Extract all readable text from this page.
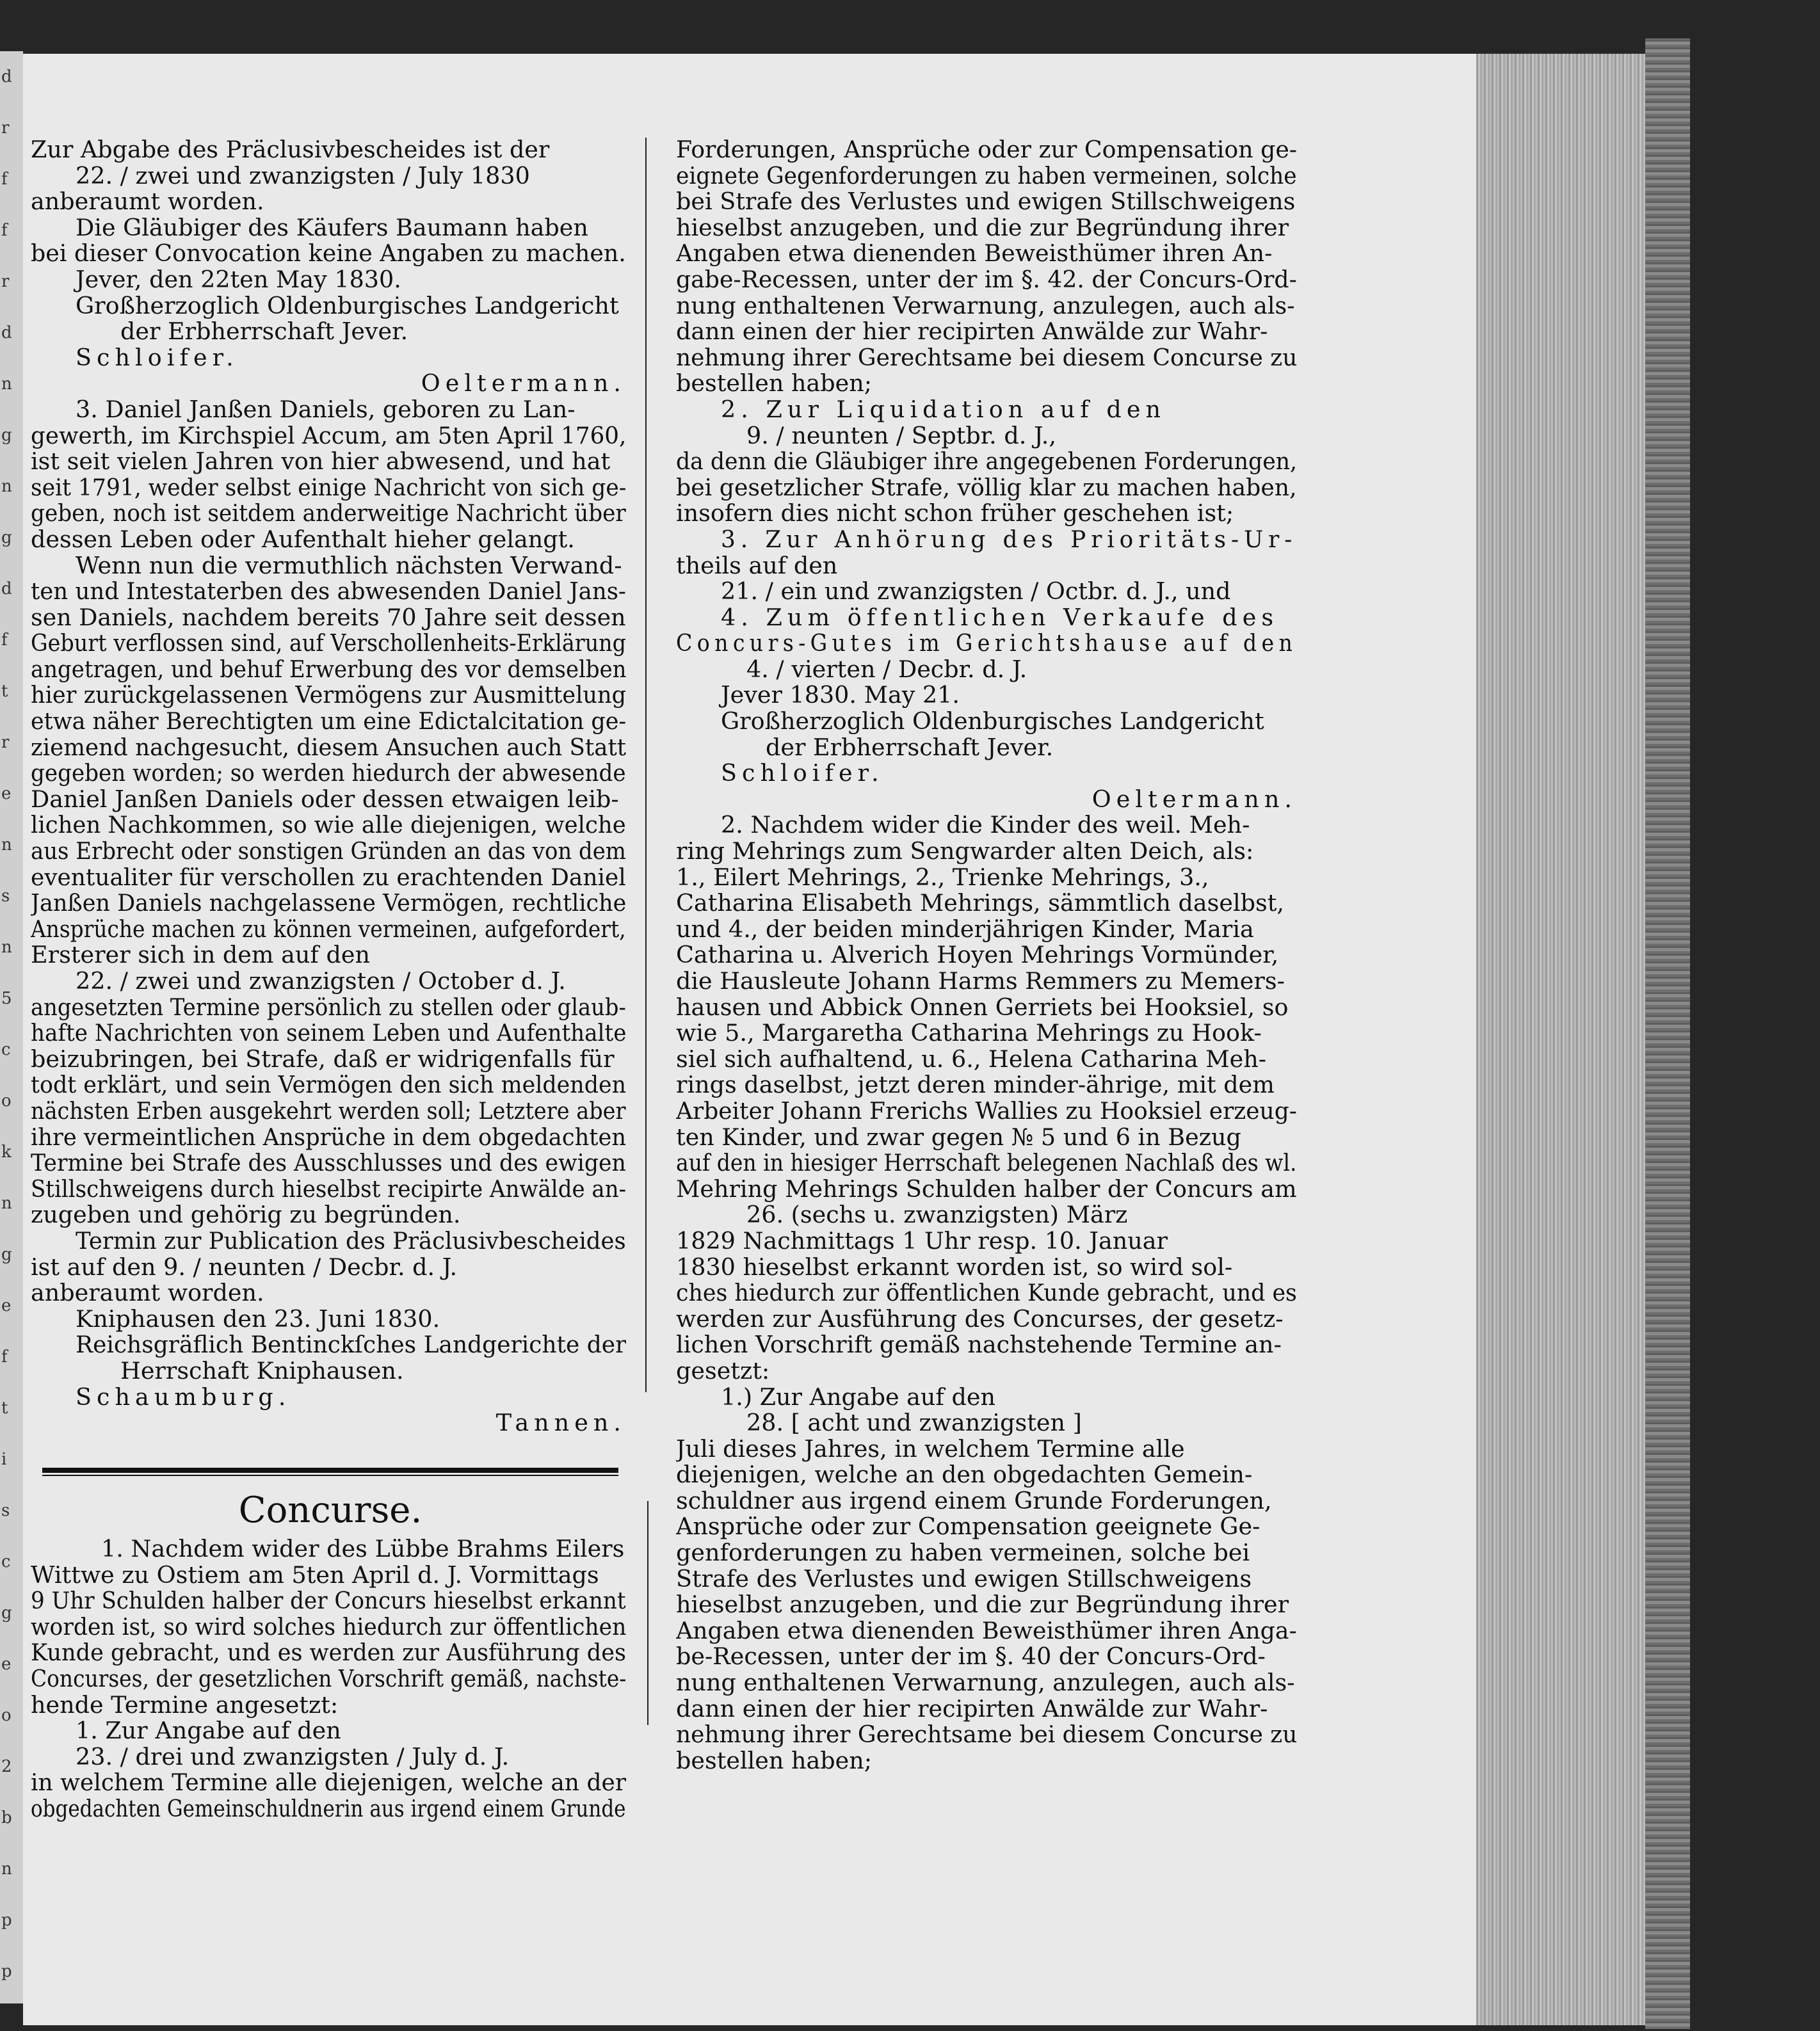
d
r
f
f
r
d
n
g
n
g
d
f
t
r
e
n
s
n
5
c
o
k
n
g
e
f
t
i
s
c
g
e
o
2
b
n
p
p

Zur Abgabe des Präclusivbescheides ist der

22. / zwei und zwanzigsten / July 1830

anberaumt worden.

Die Gläubiger des Käufers Baumann haben

bei dieser Convocation keine Angaben zu machen.

Jever, den 22ten May 1830.

Großherzoglich Oldenburgisches Landgericht

der Erbherrschaft Jever.

Schloifer.

Oeltermann.

3. Daniel Janßen Daniels, geboren zu Lan-

gewerth, im Kirchspiel Accum, am 5ten April 1760,

ist seit vielen Jahren von hier abwesend, und hat

seit 1791, weder selbst einige Nachricht von sich ge-

geben, noch ist seitdem anderweitige Nachricht über

dessen Leben oder Aufenthalt hieher gelangt.

Wenn nun die vermuthlich nächsten Verwand-

ten und Intestaterben des abwesenden Daniel Jans-

sen Daniels, nachdem bereits 70 Jahre seit dessen

Geburt verflossen sind, auf Verschollenheits-Erklärung

angetragen, und behuf Erwerbung des vor demselben

hier zurückgelassenen Vermögens zur Ausmittelung

etwa näher Berechtigten um eine Edictalcitation ge-

ziemend nachgesucht, diesem Ansuchen auch Statt

gegeben worden; so werden hiedurch der abwesende

Daniel Janßen Daniels oder dessen etwaigen leib-

lichen Nachkommen, so wie alle diejenigen, welche

aus Erbrecht oder sonstigen Gründen an das von dem

eventualiter für verschollen zu erachtenden Daniel

Janßen Daniels nachgelassene Vermögen, rechtliche

Ansprüche machen zu können vermeinen, aufgefordert,

Ersterer sich in dem auf den

22. / zwei und zwanzigsten / October d. J.

angesetzten Termine persönlich zu stellen oder glaub-

hafte Nachrichten von seinem Leben und Aufenthalte

beizubringen, bei Strafe, daß er widrigenfalls für

todt erklärt, und sein Vermögen den sich meldenden

nächsten Erben ausgekehrt werden soll; Letztere aber

ihre vermeintlichen Ansprüche in dem obgedachten

Termine bei Strafe des Ausschlusses und des ewigen

Stillschweigens durch hieselbst recipirte Anwälde an-

zugeben und gehörig zu begründen.

Termin zur Publication des Präclusivbescheides

ist auf den 9. / neunten / Decbr. d. J.

anberaumt worden.

Kniphausen den 23. Juni 1830.

Reichsgräflich Bentinckſches Landgerichte der

Herrschaft Kniphausen.

Schaumburg.

Tannen.

Concurse.

1. Nachdem wider des Lübbe Brahms Eilers

Wittwe zu Ostiem am 5ten April d. J. Vormittags

9 Uhr Schulden halber der Concurs hieselbst erkannt

worden ist, so wird solches hiedurch zur öffentlichen

Kunde gebracht, und es werden zur Ausführung des

Concurses, der gesetzlichen Vorschrift gemäß, nachste-

hende Termine angesetzt:

1. Zur Angabe auf den

23. / drei und zwanzigsten / July d. J.

in welchem Termine alle diejenigen, welche an der

obgedachten Gemeinschuldnerin aus irgend einem Grunde

Forderungen, Ansprüche oder zur Compensation ge-

eignete Gegenforderungen zu haben vermeinen, solche

bei Strafe des Verlustes und ewigen Stillschweigens

hieselbst anzugeben, und die zur Begründung ihrer

Angaben etwa dienenden Beweisthümer ihren An-

gabe-Recessen, unter der im §. 42. der Concurs-Ord-

nung enthaltenen Verwarnung, anzulegen, auch als-

dann einen der hier recipirten Anwälde zur Wahr-

nehmung ihrer Gerechtsame bei diesem Concurse zu

bestellen haben;

2. Zur Liquidation auf den

9. / neunten / Septbr. d. J.,

da denn die Gläubiger ihre angegebenen Forderungen,

bei gesetzlicher Strafe, völlig klar zu machen haben,

insofern dies nicht schon früher geschehen ist;

3. Zur Anhörung des Prioritäts-Ur-

theils auf den

21. / ein und zwanzigsten / Octbr. d. J., und

4. Zum öffentlichen Verkaufe des

Concurs-Gutes im Gerichtshause auf den

4. / vierten / Decbr. d. J.

Jever 1830. May 21.

Großherzoglich Oldenburgisches Landgericht

der Erbherrschaft Jever.

Schloifer.

Oeltermann.

2. Nachdem wider die Kinder des weil. Meh-

ring Mehrings zum Sengwarder alten Deich, als:

1., Eilert Mehrings, 2., Trienke Mehrings, 3.,

Catharina Elisabeth Mehrings, sämmtlich daselbst,

und 4., der beiden minderjährigen Kinder, Maria

Catharina u. Alverich Hoyen Mehrings Vormünder,

die Hausleute Johann Harms Remmers zu Memers-

hausen und Abbick Onnen Gerriets bei Hooksiel, so

wie 5., Margaretha Catharina Mehrings zu Hook-

siel sich aufhaltend, u. 6., Helena Catharina Meh-

rings daselbst, jetzt deren minder-ährige, mit dem

Arbeiter Johann Frerichs Wallies zu Hooksiel erzeug-

ten Kinder, und zwar gegen № 5 und 6 in Bezug

auf den in hiesiger Herrschaft belegenen Nachlaß des wl.

Mehring Mehrings Schulden halber der Concurs am

26. (sechs u. zwanzigsten) März

1829 Nachmittags 1 Uhr resp. 10. Januar

1830 hieselbst erkannt worden ist, so wird sol-

ches hiedurch zur öffentlichen Kunde gebracht, und es

werden zur Ausführung des Concurses, der gesetz-

lichen Vorschrift gemäß nachstehende Termine an-

gesetzt:

1.) Zur Angabe auf den

28. [ acht und zwanzigsten ]

Juli dieses Jahres, in welchem Termine alle

diejenigen, welche an den obgedachten Gemein-

schuldner aus irgend einem Grunde Forderungen,

Ansprüche oder zur Compensation geeignete Ge-

genforderungen zu haben vermeinen, solche bei

Strafe des Verlustes und ewigen Stillschweigens

hieselbst anzugeben, und die zur Begründung ihrer

Angaben etwa dienenden Beweisthümer ihren Anga-

be-Recessen, unter der im §. 40 der Concurs-Ord-

nung enthaltenen Verwarnung, anzulegen, auch als-

dann einen der hier recipirten Anwälde zur Wahr-

nehmung ihrer Gerechtsame bei diesem Concurse zu

bestellen haben;
